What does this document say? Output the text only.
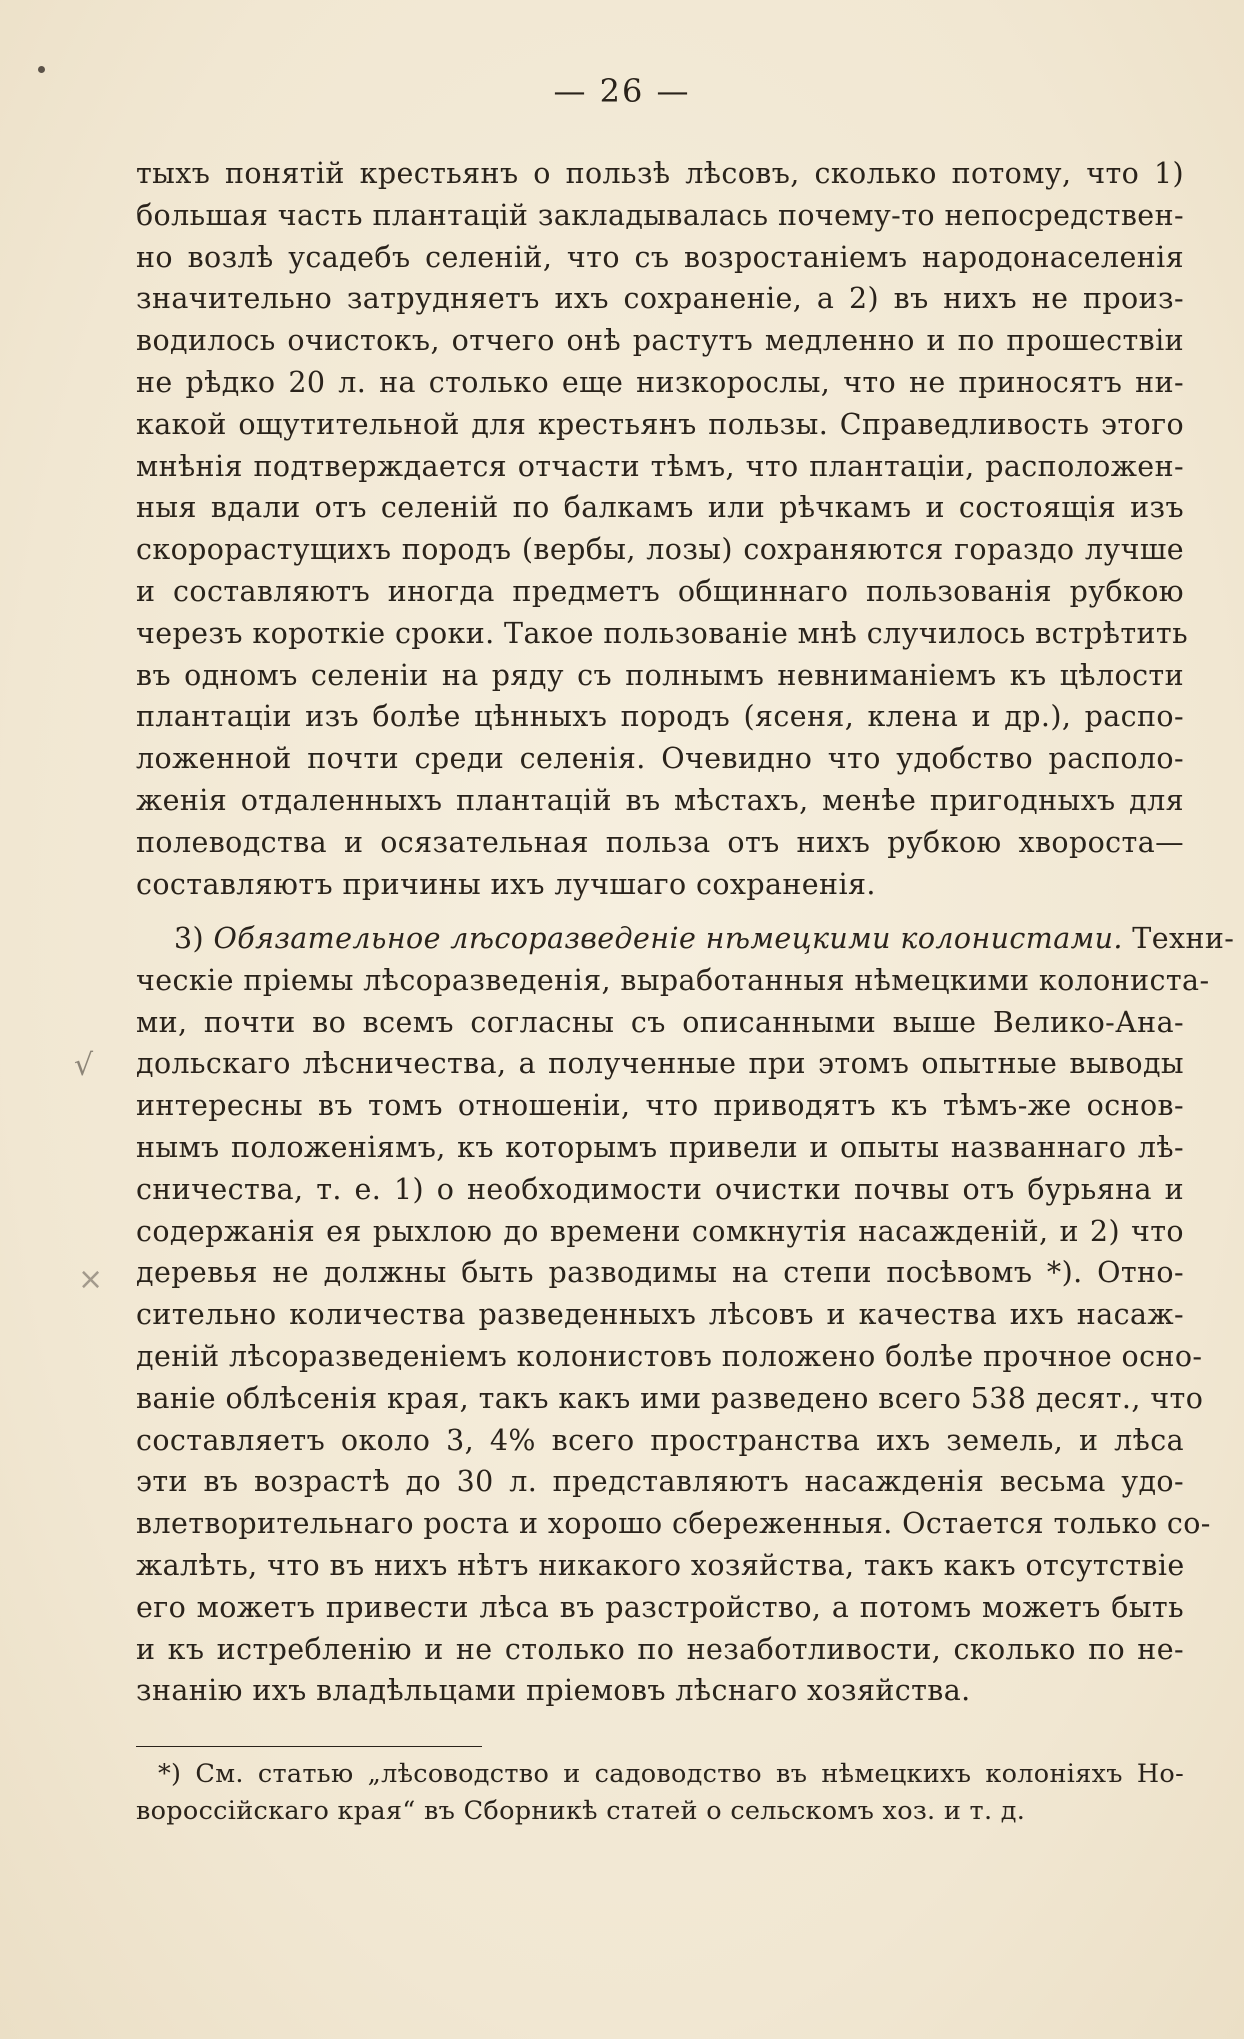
√
×
— 26 —
тыхъ понятій крестьянъ о пользѣ лѣсовъ, сколько потому, что 1)
большая часть плантацій закладывалась почему-то непосредствен-
но возлѣ усадебъ селеній, что съ возростаніемъ народонаселенія
значительно затрудняетъ ихъ сохраненіе, а 2) въ нихъ не произ-
водилось очистокъ, отчего онѣ растутъ медленно и по прошествіи
не рѣдко 20 л. на столько еще низкорослы, что не приносятъ ни-
какой ощутительной для крестьянъ пользы. Справедливость этого
мнѣнія подтверждается отчасти тѣмъ, что плантаціи, расположен-
ныя вдали отъ селеній по балкамъ или рѣчкамъ и состоящія изъ
скорорастущихъ породъ (вербы, лозы) сохраняются гораздо лучше
и составляютъ иногда предметъ общиннаго пользованія рубкою
черезъ короткіе сроки. Такое пользованіе мнѣ случилось встрѣтить
въ одномъ селеніи на ряду съ полнымъ невниманіемъ къ цѣлости
плантаціи изъ болѣе цѣнныхъ породъ (ясеня, клена и др.), распо-
ложенной почти среди селенія. Очевидно что удобство располо-
женія отдаленныхъ плантацій въ мѣстахъ, менѣе пригодныхъ для
полеводства и осязательная польза отъ нихъ рубкою хвороста—
составляютъ причины ихъ лучшаго сохраненія.
3) Обязательное лѣсоразведеніе нѣмецкими колонистами. Техни-
ческіе пріемы лѣсоразведенія, выработанныя нѣмецкими колониста-
ми, почти во всемъ согласны съ описанными выше Велико-Ана-
дольскаго лѣсничества, а полученные при этомъ опытные выводы
интересны въ томъ отношеніи, что приводятъ къ тѣмъ-же основ-
нымъ положеніямъ, къ которымъ привели и опыты названнаго лѣ-
сничества, т. е. 1) о необходимости очистки почвы отъ бурьяна и
содержанія ея рыхлою до времени сомкнутія насажденій, и 2) что
деревья не должны быть разводимы на степи посѣвомъ *). Отно-
сительно количества разведенныхъ лѣсовъ и качества ихъ насаж-
деній лѣсоразведеніемъ колонистовъ положено болѣе прочное осно-
ваніе облѣсенія края, такъ какъ ими разведено всего 538 десят., что
составляетъ около 3, 4% всего пространства ихъ земель, и лѣса
эти въ возрастѣ до 30 л. представляютъ насажденія весьма удо-
влетворительнаго роста и хорошо сбереженныя. Остается только со-
жалѣть, что въ нихъ нѣтъ никакого хозяйства, такъ какъ отсутствіе
его можетъ привести лѣса въ разстройство, а потомъ можетъ быть
и къ истребленію и не столько по незаботливости, сколько по не-
знанію ихъ владѣльцами пріемовъ лѣснаго хозяйства.
*) См. статью „лѣсоводство и садоводство въ нѣмецкихъ колоніяхъ Но-
вороссійскаго края“ въ Сборникѣ статей о сельскомъ хоз. и т. д.
